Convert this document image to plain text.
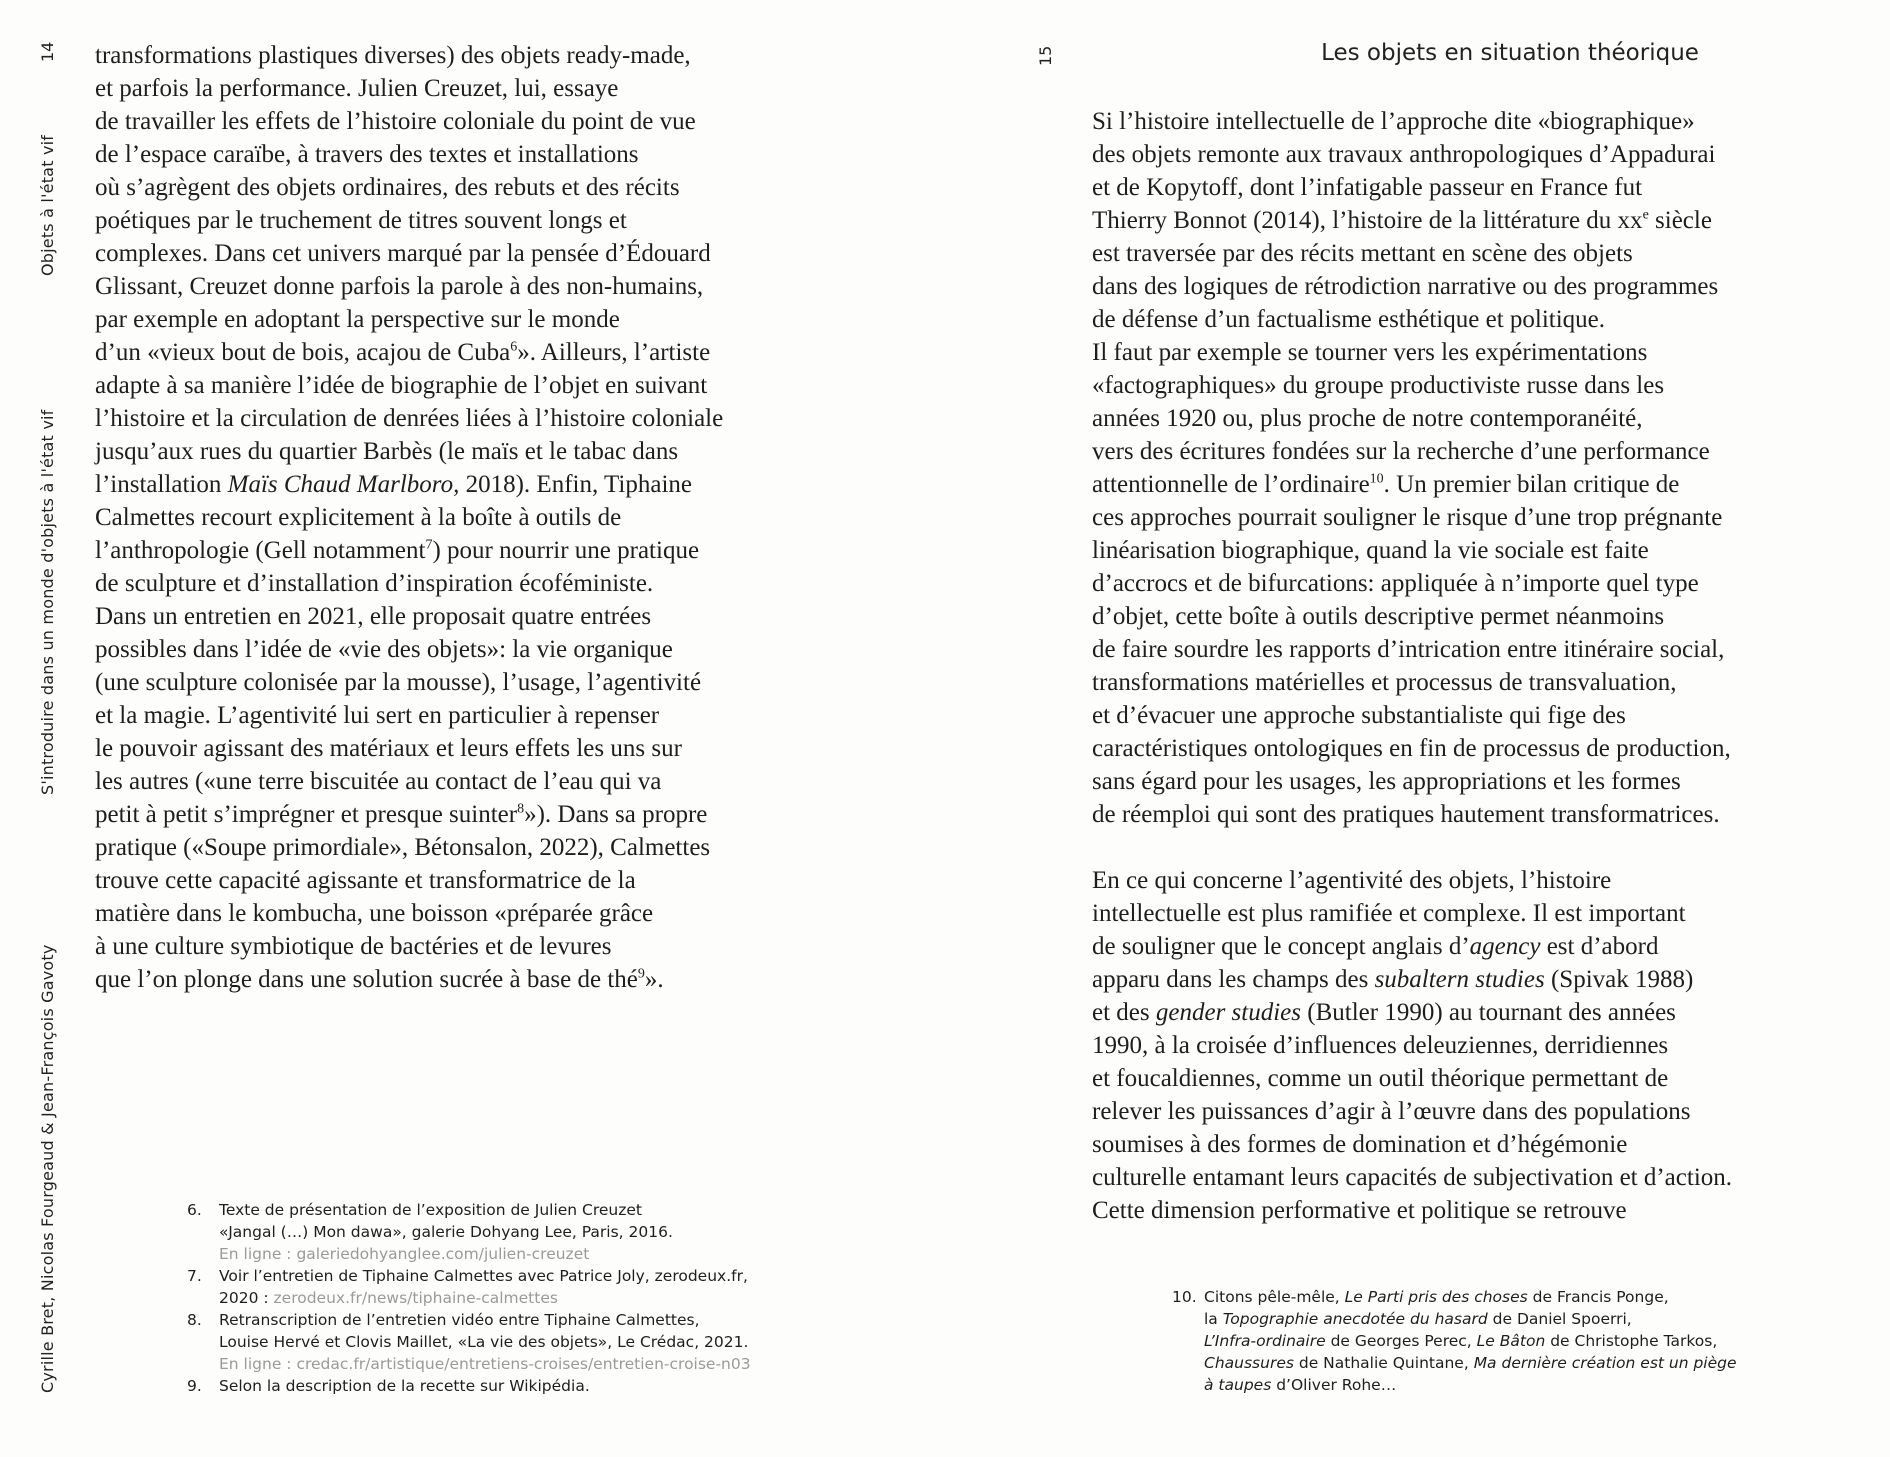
14
Objets à l'état vif
S'introduire dans un monde d'objets à l'état vif
Cyrille Bret, Nicolas Fourgeaud & Jean-François Gavoty
transformations plastiques diverses) des objets ready-made,
et parfois la performance. Julien Creuzet, lui, essaye
de travailler les effets de l’histoire coloniale du point de vue
de l’espace caraïbe, à travers des textes et installations
où s’agrègent des objets ordinaires, des rebuts et des récits
poétiques par le truchement de titres souvent longs et
complexes. Dans cet univers marqué par la pensée d’Édouard
Glissant, Creuzet donne parfois la parole à des non-humains,
par exemple en adoptant la perspective sur le monde
d’un «vieux bout de bois, acajou de Cuba$^6$». Ailleurs, l’artiste
adapte à sa manière l’idée de biographie de l’objet en suivant
l’histoire et la circulation de denrées liées à l’histoire coloniale
jusqu’aux rues du quartier Barbès (le maïs et le tabac dans
l’installation Maïs Chaud Marlboro, 2018). Enfin, Tiphaine
Calmettes recourt explicitement à la boîte à outils de
l’anthropologie (Gell notamment$^7$) pour nourrir une pratique
de sculpture et d’installation d’inspiration écoféministe.
Dans un entretien en 2021, elle proposait quatre entrées
possibles dans l’idée de «vie des objets»: la vie organique
(une sculpture colonisée par la mousse), l’usage, l’agentivité
et la magie. L’agentivité lui sert en particulier à repenser
le pouvoir agissant des matériaux et leurs effets les uns sur
les autres («une terre biscuitée au contact de l’eau qui va
petit à petit s’imprégner et presque suinter$^8$»). Dans sa propre
pratique («Soupe primordiale», Bétonsalon, 2022), Calmettes
trouve cette capacité agissante et transformatrice de la
matière dans le kombucha, une boisson «préparée grâce
à une culture symbiotique de bactéries et de levures
que l’on plonge dans une solution sucrée à base de thé$^9$».
6. Texte de présentation de l’exposition de Julien Creuzet
«Jangal (…) Mon dawa», galerie Dohyang Lee, Paris, 2016.
En ligne : galeriedohyanglee.com/julien-creuzet
7. Voir l’entretien de Tiphaine Calmettes avec Patrice Joly, zerodeux.fr,
2020 : zerodeux.fr/news/tiphaine-calmettes
8. Retranscription de l’entretien vidéo entre Tiphaine Calmettes,
Louise Hervé et Clovis Maillet, «La vie des objets», Le Crédac, 2021.
En ligne : credac.fr/artistique/entretiens-croises/entretien-croise-n03
9. Selon la description de la recette sur Wikipédia.
15	Les objets en situation théorique
Si l’histoire intellectuelle de l’approche dite «biographique»
des objets remonte aux travaux anthropologiques d’Appadurai
et de Kopytoff, dont l’infatigable passeur en France fut
Thierry Bonnot (2014), l’histoire de la littérature du $xx^e$ siècle
est traversée par des récits mettant en scène des objets
dans des logiques de rétrodiction narrative ou des programmes
de défense d’un factualisme esthétique et politique.
Il faut par exemple se tourner vers les expérimentations
«factographiques» du groupe productiviste russe dans les
années 1920 ou, plus proche de notre contemporanéité,
vers des écritures fondées sur la recherche d’une performance
attentionnelle de l’ordinaire$^{10}$. Un premier bilan critique de
ces approches pourrait souligner le risque d’une trop prégnante
linéarisation biographique, quand la vie sociale est faite
d’accrocs et de bifurcations: appliquée à n’importe quel type
d’objet, cette boîte à outils descriptive permet néanmoins
de faire sourdre les rapports d’intrication entre itinéraire social,
transformations matérielles et processus de transvaluation,
et d’évacuer une approche substantialiste qui fige des
caractéristiques ontologiques en fin de processus de production,
sans égard pour les usages, les appropriations et les formes
de réemploi qui sont des pratiques hautement transformatrices.
En ce qui concerne l’agentivité des objets, l’histoire
intellectuelle est plus ramifiée et complexe. Il est important
de souligner que le concept anglais d’agency est d’abord
apparu dans les champs des subaltern studies (Spivak 1988)
et des gender studies (Butler 1990) au tournant des années
1990, à la croisée d’influences deleuziennes, derridiennes
et foucaldiennes, comme un outil théorique permettant de
relever les puissances d’agir à l’œuvre dans des populations
soumises à des formes de domination et d’hégémonie
culturelle entamant leurs capacités de subjectivation et d’action.
Cette dimension performative et politique se retrouve
10. Citons pêle-mêle, Le Parti pris des choses de Francis Ponge,
la Topographie anecdotée du hasard de Daniel Spoerri,
L’Infra-ordinaire de Georges Perec, Le Bâton de Christophe Tarkos,
Chaussures de Nathalie Quintane, Ma dernière création est un piège
à taupes d’Oliver Rohe…
